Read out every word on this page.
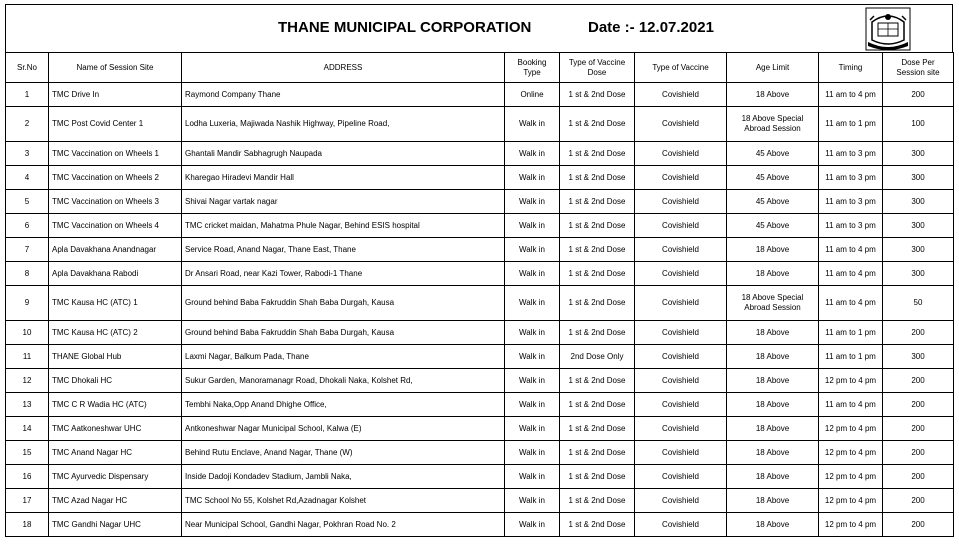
THANE MUNICIPAL CORPORATION	Date :- 12.07.2021
Sr.No	Name of Session Site	ADDRESS	Booking Type	Type of Vaccine Dose	Type of Vaccine	Age Limit	Timing	Dose Per Session site
1	TMC Drive In	Raymond Company Thane	Online	1 st & 2nd Dose	Covishield	18 Above	11 am to 4 pm	200
2	TMC Post Covid Center 1	Lodha Luxeria, Majiwada Nashik Highway, Pipeline Road,	Walk in	1 st & 2nd Dose	Covishield	18 Above Special Abroad Session	11 am to 1 pm	100
3	TMC Vaccination on Wheels 1	Ghantali Mandir Sabhagrugh Naupada	Walk in	1 st & 2nd Dose	Covishield	45 Above	11 am to 3 pm	300
4	TMC Vaccination on Wheels 2	Kharegao Hiradevi Mandir Hall	Walk in	1 st & 2nd Dose	Covishield	45 Above	11 am to 3 pm	300
5	TMC Vaccination on Wheels 3	Shivai Nagar vartak nagar	Walk in	1 st & 2nd Dose	Covishield	45 Above	11 am to 3 pm	300
6	TMC Vaccination on Wheels 4	TMC cricket maidan, Mahatma Phule Nagar, Behind ESIS hospital	Walk in	1 st & 2nd Dose	Covishield	45 Above	11 am to 3 pm	300
7	Apla Davakhana Anandnagar	Service Road, Anand Nagar, Thane East, Thane	Walk in	1 st & 2nd Dose	Covishield	18 Above	11 am to 4 pm	300
8	Apla Davakhana Rabodi	Dr Ansari Road, near Kazi Tower, Rabodi-1 Thane	Walk in	1 st & 2nd Dose	Covishield	18 Above	11 am to 4 pm	300
9	TMC Kausa HC (ATC) 1	Ground behind Baba Fakruddin Shah Baba Durgah, Kausa	Walk in	1 st & 2nd Dose	Covishield	18 Above Special Abroad Session	11 am to 4 pm	50
10	TMC Kausa HC (ATC) 2	Ground behind Baba Fakruddin Shah Baba Durgah, Kausa	Walk in	1 st & 2nd Dose	Covishield	18 Above	11 am to 1 pm	200
11	THANE Global Hub	Laxmi Nagar, Balkum Pada, Thane	Walk in	2nd Dose Only	Covishield	18 Above	11 am to 1 pm	300
12	TMC Dhokali HC	Sukur Garden, Manoramanagr Road, Dhokali Naka, Kolshet Rd,	Walk in	1 st & 2nd Dose	Covishield	18 Above	12 pm to 4 pm	200
13	TMC C R Wadia HC (ATC)	Tembhi Naka,Opp Anand Dhighe Office,	Walk in	1 st & 2nd Dose	Covishield	18 Above	11 am to 4 pm	200
14	TMC Aatkoneshwar UHC	Antkoneshwar Nagar Municipal School, Kalwa (E)	Walk in	1 st & 2nd Dose	Covishield	18 Above	12 pm to 4 pm	200
15	TMC Anand Nagar HC	Behind Rutu Enclave, Anand Nagar, Thane (W)	Walk in	1 st & 2nd Dose	Covishield	18 Above	12 pm to 4 pm	200
16	TMC Ayurvedic Dispensary	Inside Dadoji Kondadev Stadium, Jambli Naka,	Walk in	1 st & 2nd Dose	Covishield	18 Above	12 pm to 4 pm	200
17	TMC Azad Nagar HC	TMC School No 55, Kolshet Rd,Azadnagar Kolshet	Walk in	1 st & 2nd Dose	Covishield	18 Above	12 pm to 4 pm	200
18	TMC Gandhi Nagar UHC	Near Municipal School, Gandhi Nagar, Pokhran Road No. 2	Walk in	1 st & 2nd Dose	Covishield	18 Above	12 pm to 4 pm	200
